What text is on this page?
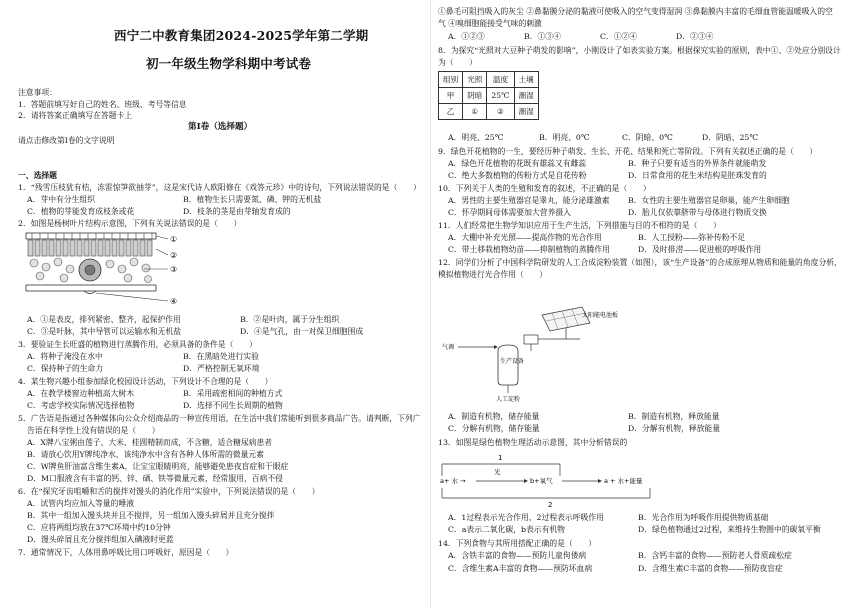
西宁二中教育集团2024-2025学年第二学期
初一年级生物学科期中考试卷
注意事项：
1．答题前填写好自己的姓名、班级、考号等信息
2．请将答案正确填写在答题卡上
第Ⅰ卷（选择题）
请点击修改第Ⅰ卷的文字说明
一、选择题
1．“残雪压枝犹有桔，冻雷惊笋欲抽芽”，这是宋代诗人欧阳修在《戏答元珍》中的诗句，下列说法错误的是（　　）
A．芽中有分生组织	B．植物生长只需要氮、磷、钾的无机盐
C．植物的芽能发育成枝条或花	D．枝条的茎是由芽轴发育成的
2．如图是杨树叶片结构示意图，下列有关说法错误的是（　　）
①
②
③
④
A．①是表皮，排列紧密、整齐，起保护作用	B．②是叶肉，属于分生组织
C．③是叶脉，其中导管可以运输水和无机盐	D．④是气孔，由一对保卫细胞围成
3．要验证生长旺盛的植物进行蒸腾作用，必须具备的条件是（　　）
A．将种子淹没在水中	B．在黑暗处进行实验
C．保持种子的生命力	D．严格控制无氧环境
4．某生物兴趣小组参加绿化校园设计活动，下列设计不合理的是（　　）
A．在教学楼窗边种植高大树木	B．采用疏密相间的种植方式
C．考虑学校实际情况选择植物	D．选择不同生长周期的植物
5．广告语是指通过各种媒体向公众介绍商品的一种宣传用语，在生活中我们常能听到很多商品广告。请判断，下列广
告语在科学性上没有错误的是（　　）
A．X牌八宝粥由莲子、大米、桂圆精制而成，不含糖，适合糖尿病患者
B．请放心饮用Y牌纯净水，该纯净水中含有各种人体所需的微量元素
C．W牌鱼肝油富含维生素A，让宝宝眼睛明亮，能够避免患夜盲症和干眼症
D．M口服液含有丰富的钙、锌、硒、铁等微量元素，经常服用，百病不侵
6．在“探究牙齿咀嚼和舌的搅拌对馒头的消化作用”实验中，下列说法错误的是（　　）
A．试管内均应加入等量的唾液
B．其中一组加入馒头块并且不搅拌，另一组加入馒头碎屑并且充分搅拌
C．应将两组均放在37℃环境中约10分钟
D．馒头碎屑且充分搅拌组加入碘液时更蓝
7．通常情况下，人体用鼻呼吸比用口呼吸好，原因是（　　）
①鼻毛可阻挡吸入的灰尘 ②鼻黏膜分泌的黏液可使吸入的空气变得湿润 ③鼻黏膜内丰富的毛细血管能温暖吸入的空
气 ④嗅细胞能接受气味的刺激
A．①②③	B．①③④	C．①②④	D．②③④
8．为探究“光照对大豆种子萌发的影响”，小刚设计了如表实验方案。根据探究实验的原则，表中①、②处应分别设计
为（　　）
组别	光照	温度	土壤
甲	阴暗	25℃	潮湿
乙	①	②	潮湿
A．明亮、25℃	B．明亮、0℃	C．阴暗、0℃	D．阴暗、25℃
9．绿色开花植物的一生，要经历种子萌发、生长、开花、结果和死亡等阶段。下列有关叙述正确的是（　　）
A．绿色开花植物的花既有雄蕊又有雌蕊	B．种子只要有适当的外界条件就能萌发
C．绝大多数植物的传粉方式是自花传粉	D．日常食用的花生米结构是胚珠发育的
10．下列关于人类的生殖和发育的叙述，不正确的是（　　）
A．男性的主要生殖器官是睾丸，能分泌雄激素 B．女性的主要生殖器官是卵巢，能产生卵细胞
C．怀孕期间母体需要加大营养摄入	D．胎儿仅依靠脐带与母体进行物质交换
11．人们经常把生物学知识应用于生产生活，下列措施与目的不相符的是（　　）
A．大棚中补充光照——提高作物的光合作用	B．人工授粉——弥补传粉不足
C．带土移栽植物幼苗——抑制植物的蒸腾作用	D．及时排涝——促进根的呼吸作用
12．同学们分析了中国科学院研发的人工合成淀粉装置（如图），该“生产设备”的合成原理从物质和能量的角度分析，
模拟植物进行光合作用（　　）
太阳能电池板
气调
生产设备
人工淀粉
A．制造有机物，储存能量	B．制造有机物，释放能量
C．分解有机物，储存能量	D．分解有机物，释放能量
13．如图是绿色植物生理活动示意图，其中分析错误的
1
a+ 水 →
光
b+氧气	a + 水+能量
2
A．1过程表示光合作用，2过程表示呼吸作用	B．光合作用为呼吸作用提供物质基础
C．a表示二氧化碳，b表示有机物	D．绿色植物通过2过程，来维持生物圈中的碳氧平衡
14．下列食物与其所用搭配正确的是（　　）
A．含铁丰富的食物——预防儿童佝偻病	B．含钙丰富的食物——预防老人骨质疏松症
C．含维生素A丰富的食物——预防坏血病	D．含维生素C丰富的食物——预防夜盲症
